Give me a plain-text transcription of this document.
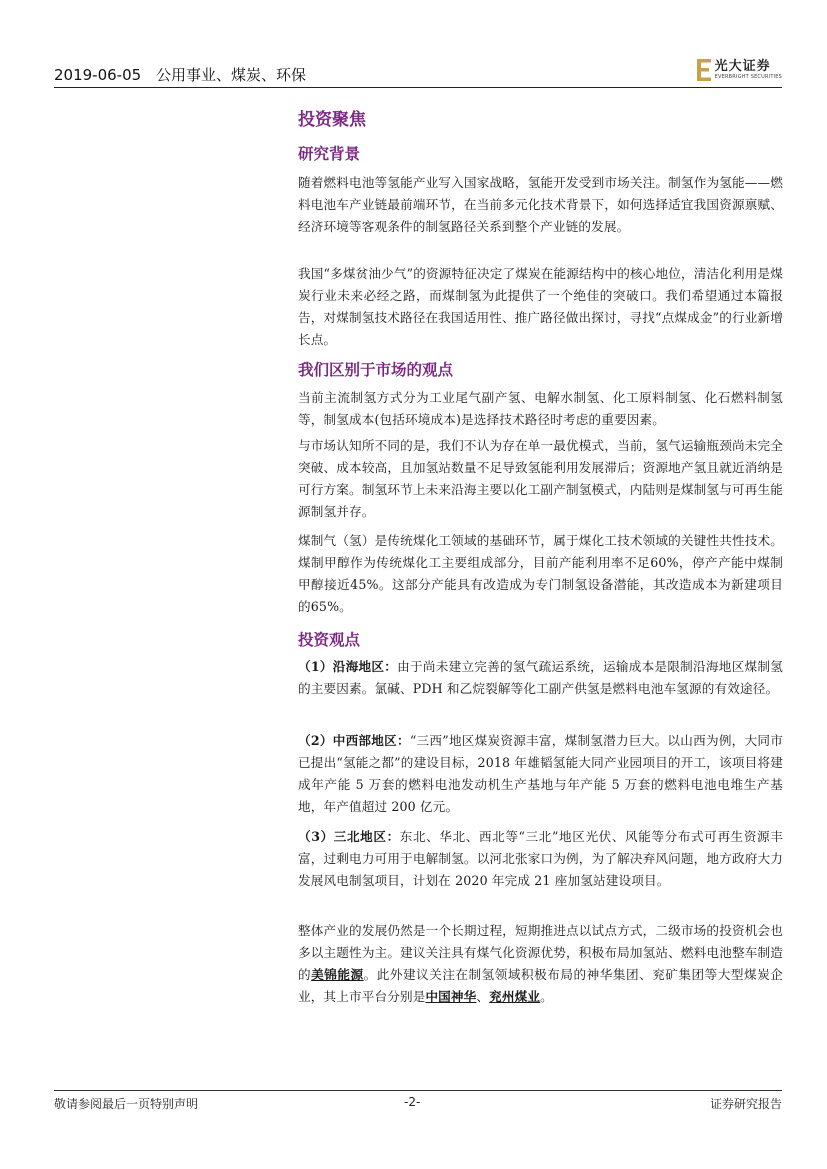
2019-06-05 公用事业、煤炭、环保	光大证券
EVERBRIGHT SECURITIES
投资聚焦
研究背景

随着燃料电池等氢能产业写入国家战略，氢能开发受到市场关注。制氢作为氢能——燃料电池车产业链最前端环节，在当前多元化技术背景下，如何选择适宜我国资源禀赋、经济环境等客观条件的制氢路径关系到整个产业链的发展。

我国“多煤贫油少气”的资源特征决定了煤炭在能源结构中的核心地位，清洁化利用是煤炭行业未来必经之路，而煤制氢为此提供了一个绝佳的突破口。我们希望通过本篇报告，对煤制氢技术路径在我国适用性、推广路径做出探讨，寻找“点煤成金”的行业新增长点。

我们区别于市场的观点

当前主流制氢方式分为工业尾气副产氢、电解水制氢、化工原料制氢、化石燃料制氢等，制氢成本(包括环境成本)是选择技术路径时考虑的重要因素。

与市场认知所不同的是，我们不认为存在单一最优模式，当前，氢气运输瓶颈尚未完全突破、成本较高，且加氢站数量不足导致氢能利用发展滞后；资源地产氢且就近消纳是可行方案。制氢环节上未来沿海主要以化工副产制氢模式，内陆则是煤制氢与可再生能源制氢并存。

煤制气（氢）是传统煤化工领域的基础环节，属于煤化工技术领域的关键性共性技术。煤制甲醇作为传统煤化工主要组成部分，目前产能利用率不足60%，停产产能中煤制甲醇接近45%。这部分产能具有改造成为专门制氢设备潜能，其改造成本为新建项目的65%。

投资观点

（1）沿海地区：由于尚未建立完善的氢气疏运系统，运输成本是限制沿海地区煤制氢的主要因素。氯碱、PDH 和乙烷裂解等化工副产供氢是燃料电池车氢源的有效途径。

（2）中西部地区：“三西”地区煤炭资源丰富，煤制氢潜力巨大。以山西为例，大同市已提出“氢能之都”的建设目标，2018 年雄韬氢能大同产业园项目的开工，该项目将建成年产能 5 万套的燃料电池发动机生产基地与年产能 5 万套的燃料电池电堆生产基地，年产值超过 200 亿元。

（3）三北地区：东北、华北、西北等“三北”地区光伏、风能等分布式可再生资源丰富，过剩电力可用于电解制氢。以河北张家口为例，为了解决弃风问题，地方政府大力发展风电制氢项目，计划在 2020 年完成 21 座加氢站建设项目。

整体产业的发展仍然是一个长期过程，短期推进点以试点方式，二级市场的投资机会也多以主题性为主。建议关注具有煤气化资源优势，积极布局加氢站、燃料电池整车制造的美锦能源。此外建议关注在制氢领域积极布局的神华集团、兖矿集团等大型煤炭企业，其上市平台分别是中国神华、兖州煤业。

敬请参阅最后一页特别声明	-2-	证券研究报告
